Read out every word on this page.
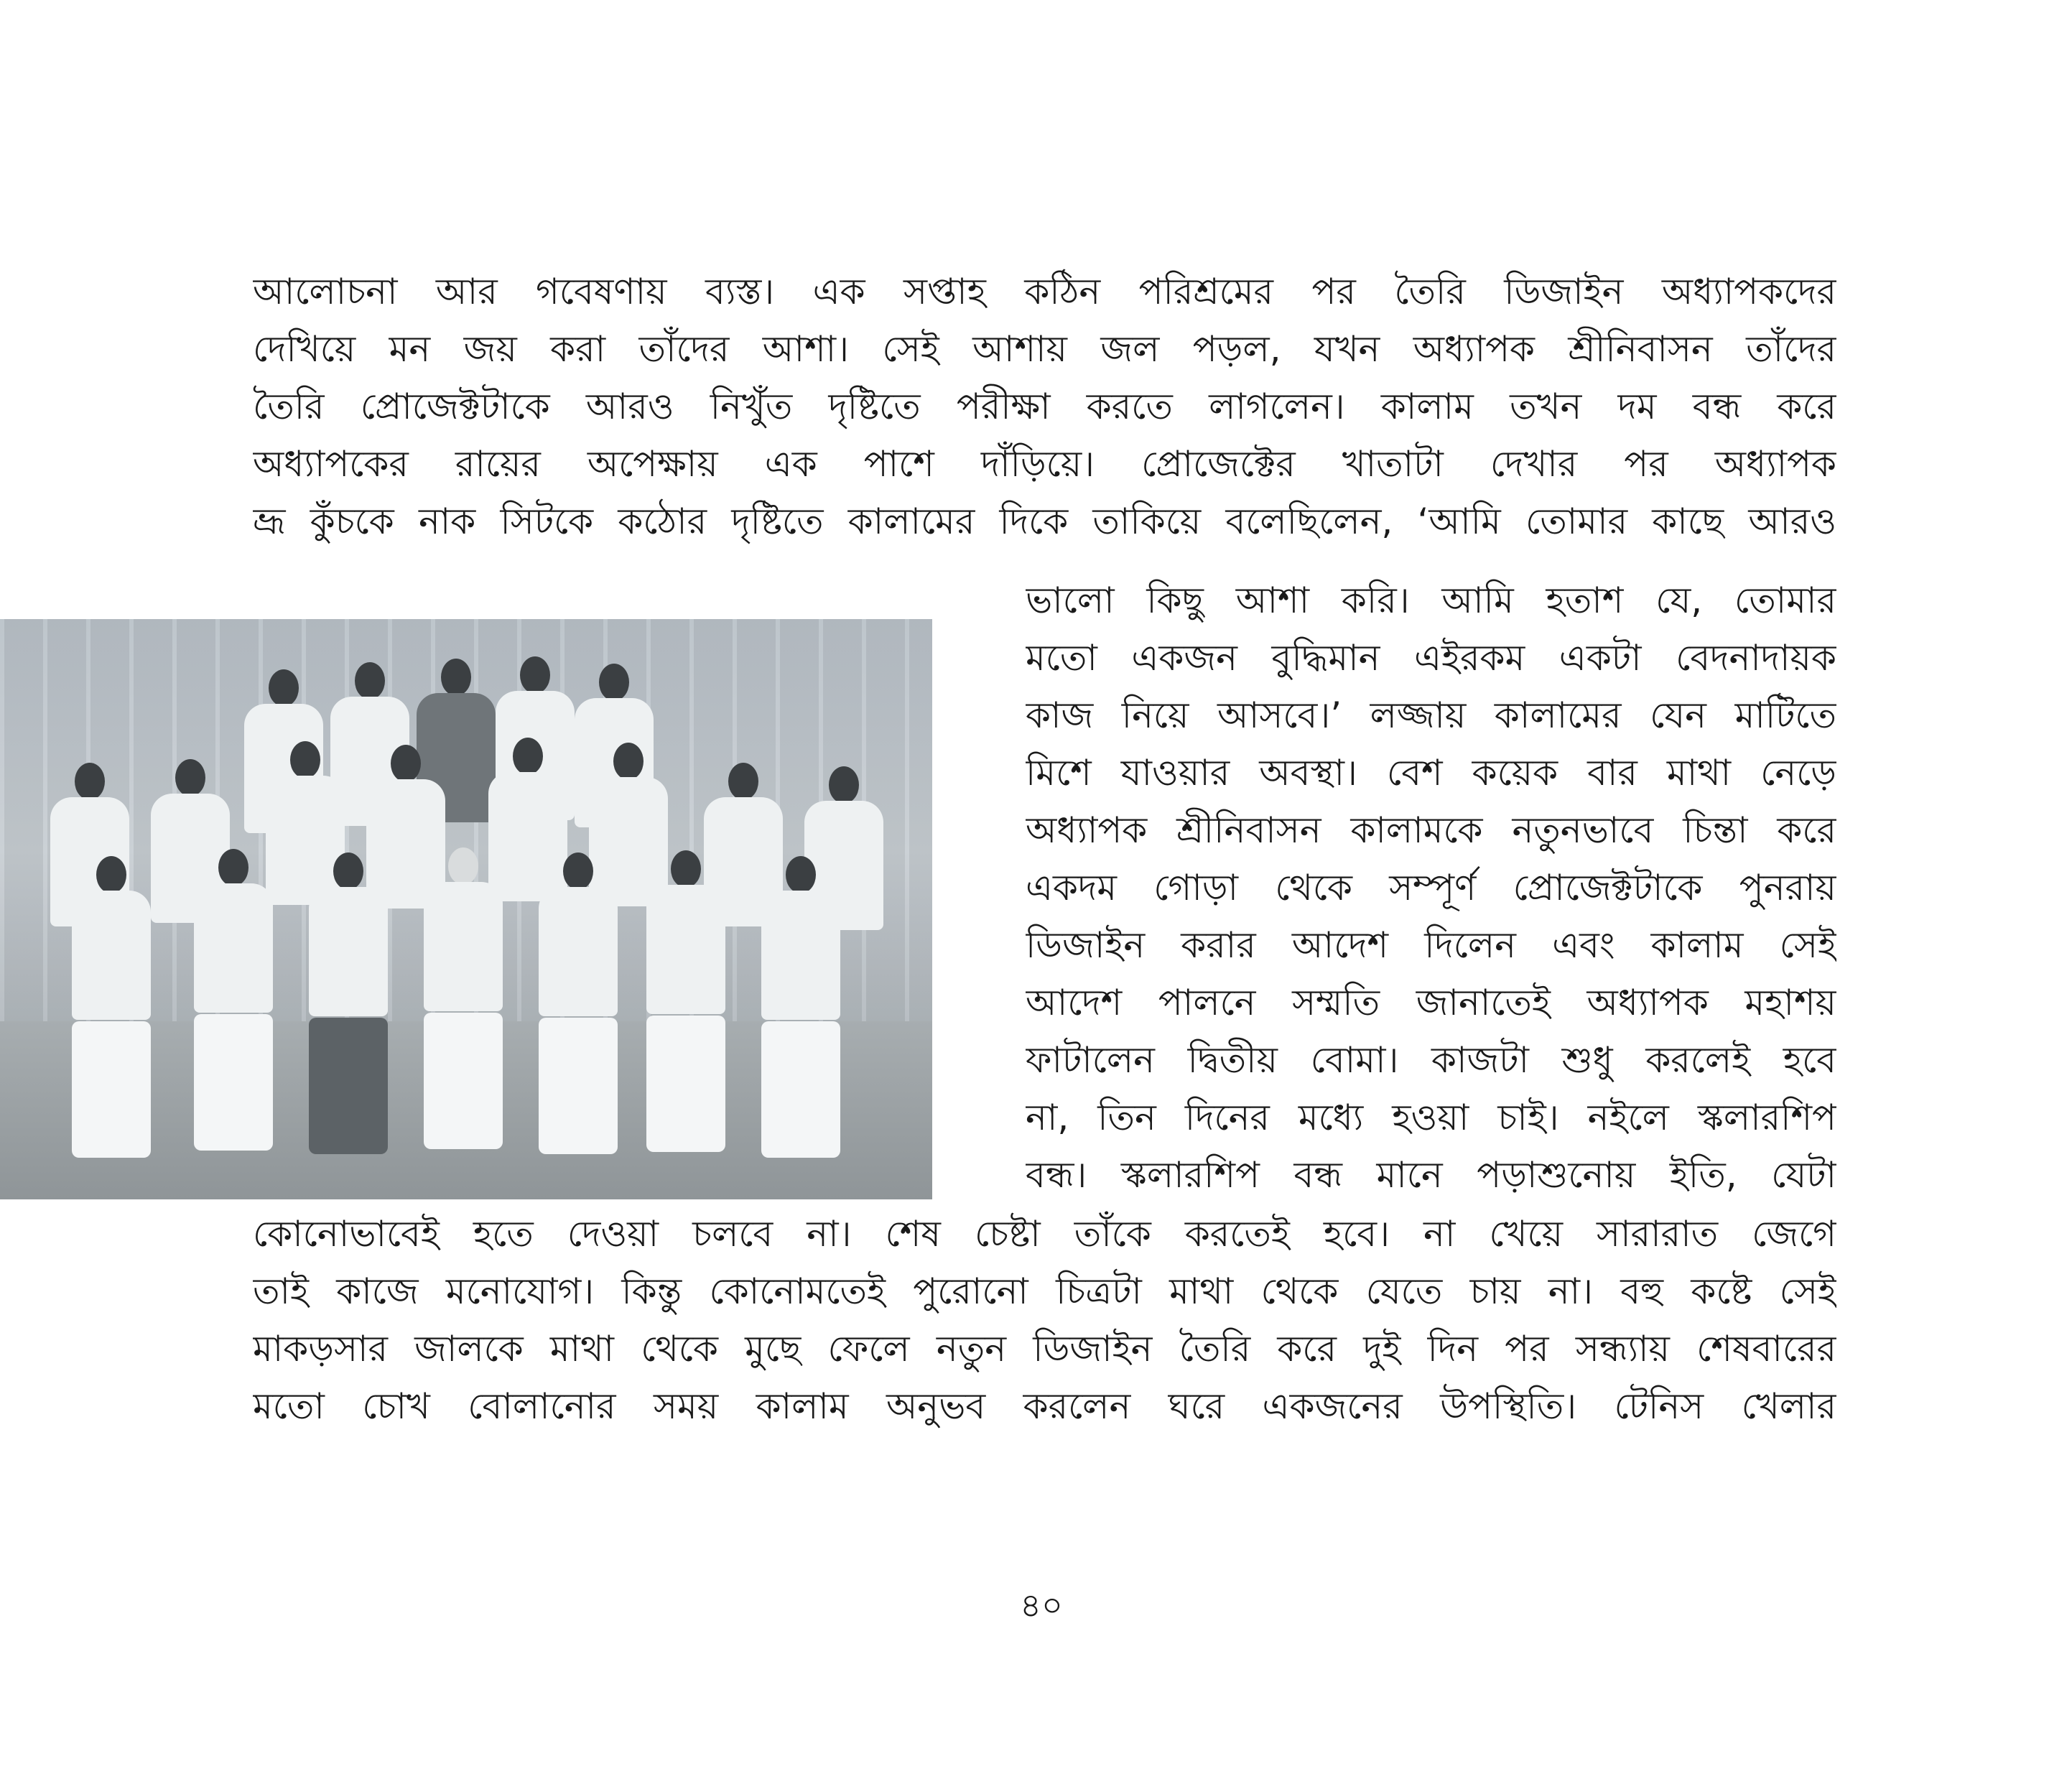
আলোচনা আর গবেষণায় ব্যস্ত। এক সপ্তাহ কঠিন পরিশ্রমের পর তৈরি ডিজাইন অধ্যাপকদের
দেখিয়ে মন জয় করা তাঁদের আশা। সেই আশায় জল পড়ল, যখন অধ্যাপক শ্রীনিবাসন তাঁদের
তৈরি প্রোজেক্টটাকে আরও নিখুঁত দৃষ্টিতে পরীক্ষা করতে লাগলেন। কালাম তখন দম বন্ধ করে
অধ্যাপকের রায়ের অপেক্ষায় এক পাশে দাঁড়িয়ে। প্রোজেক্টের খাতাটা দেখার পর অধ্যাপক
ভ্রূ কুঁচকে নাক সিটকে কঠোর দৃষ্টিতে কালামের দিকে তাকিয়ে বলেছিলেন, ‘আমি তোমার কাছে আরও
ভালো কিছু আশা করি। আমি হতাশ যে, তোমার
মতো একজন বুদ্ধিমান এইরকম একটা বেদনাদায়ক
কাজ নিয়ে আসবে।’ লজ্জায় কালামের যেন মাটিতে
মিশে যাওয়ার অবস্থা। বেশ কয়েক বার মাথা নেড়ে
অধ্যাপক শ্রীনিবাসন কালামকে নতুনভাবে চিন্তা করে
একদম গোড়া থেকে সম্পূর্ণ প্রোজেক্টটাকে পুনরায়
ডিজাইন করার আদেশ দিলেন এবং কালাম সেই
আদেশ পালনে সম্মতি জানাতেই অধ্যাপক মহাশয়
ফাটালেন দ্বিতীয় বোমা। কাজটা শুধু করলেই হবে
না, তিন দিনের মধ্যে হওয়া চাই। নইলে স্কলারশিপ
বন্ধ। স্কলারশিপ বন্ধ মানে পড়াশুনোয় ইতি, যেটা
কোনোভাবেই হতে দেওয়া চলবে না। শেষ চেষ্টা তাঁকে করতেই হবে। না খেয়ে সারারাত জেগে
তাই কাজে মনোযোগ। কিন্তু কোনোমতেই পুরোনো চিত্রটা মাথা থেকে যেতে চায় না। বহু কষ্টে সেই
মাকড়সার জালকে মাথা থেকে মুছে ফেলে নতুন ডিজাইন তৈরি করে দুই দিন পর সন্ধ্যায় শেষবারের
মতো চোখ বোলানোর সময় কালাম অনুভব করলেন ঘরে একজনের উপস্থিতি। টেনিস খেলার
৪০
